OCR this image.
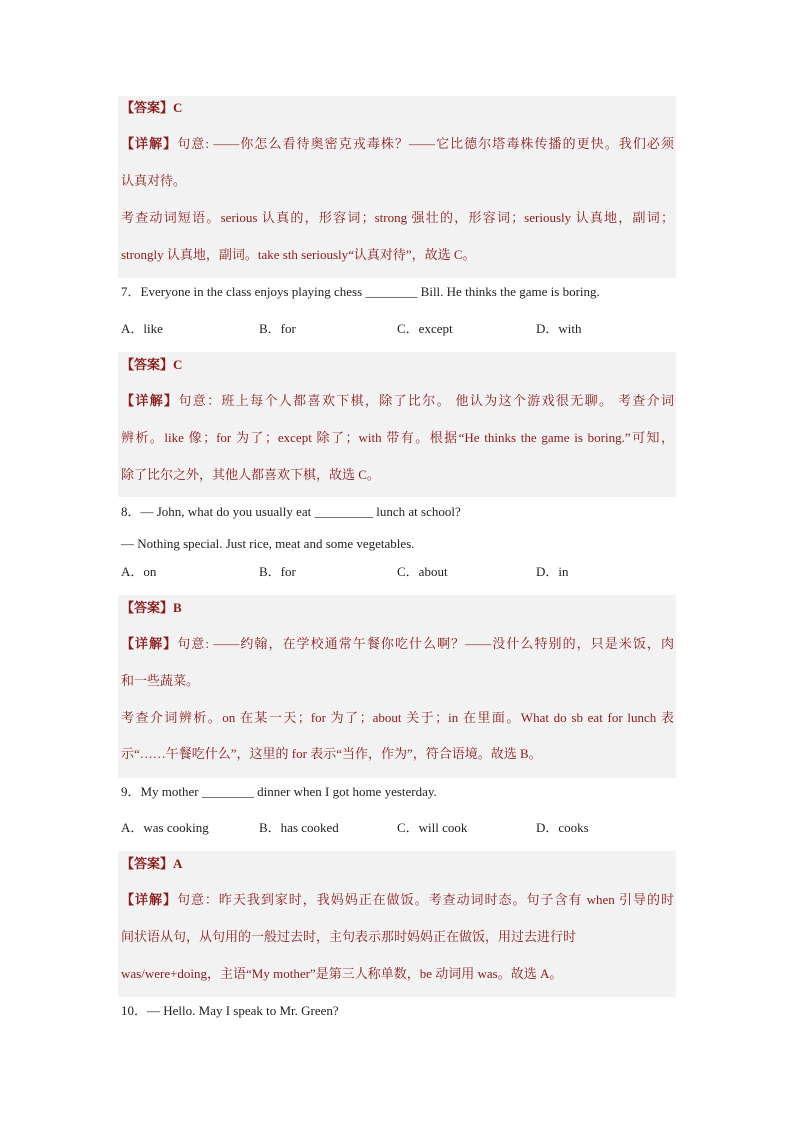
【答案】C
【详解】句意: ——你怎么看待奥密克戎毒株？——它比德尔塔毒株传播的更快。我们必须
认真对待。
考查动词短语。serious 认真的，形容词；strong 强壮的，形容词；seriously 认真地，副词；
strongly 认真地，副词。take sth seriously“认真对待”，故选 C。
7．Everyone in the class enjoys playing chess ________ Bill. He thinks the game is boring.
A．like	B．for	C．except	D．with
【答案】C
【详解】句意：班上每个人都喜欢下棋，除了比尔。 他认为这个游戏很无聊。 考查介词
辨析。like 像；for 为了；except 除了；with 带有。根据“He thinks the game is boring.”可知，
除了比尔之外，其他人都喜欢下棋，故选 C。
8．— John, what do you usually eat _________ lunch at school?
— Nothing special. Just rice, meat and some vegetables.
A．on	B．for	C．about	D．in
【答案】B
【详解】句意: ——约翰，在学校通常午餐你吃什么啊？——没什么特别的，只是米饭，肉
和一些蔬菜。
考查介词辨析。on 在某一天；for 为了；about 关于；in 在里面。What do sb eat for lunch 表
示“……午餐吃什么”，这里的 for 表示“当作，作为”，符合语境。故选 B。
9．My mother ________ dinner when I got home yesterday.
A．was cooking	B．has cooked	C．will cook	D．cooks
【答案】A
【详解】句意：昨天我到家时，我妈妈正在做饭。考查动词时态。句子含有 when 引导的时
间状语从句，从句用的一般过去时，主句表示那时妈妈正在做饭，用过去进行时
was/were+doing，主语“My mother”是第三人称单数，be 动词用 was。故选 A。
10．— Hello. May I speak to Mr. Green?
